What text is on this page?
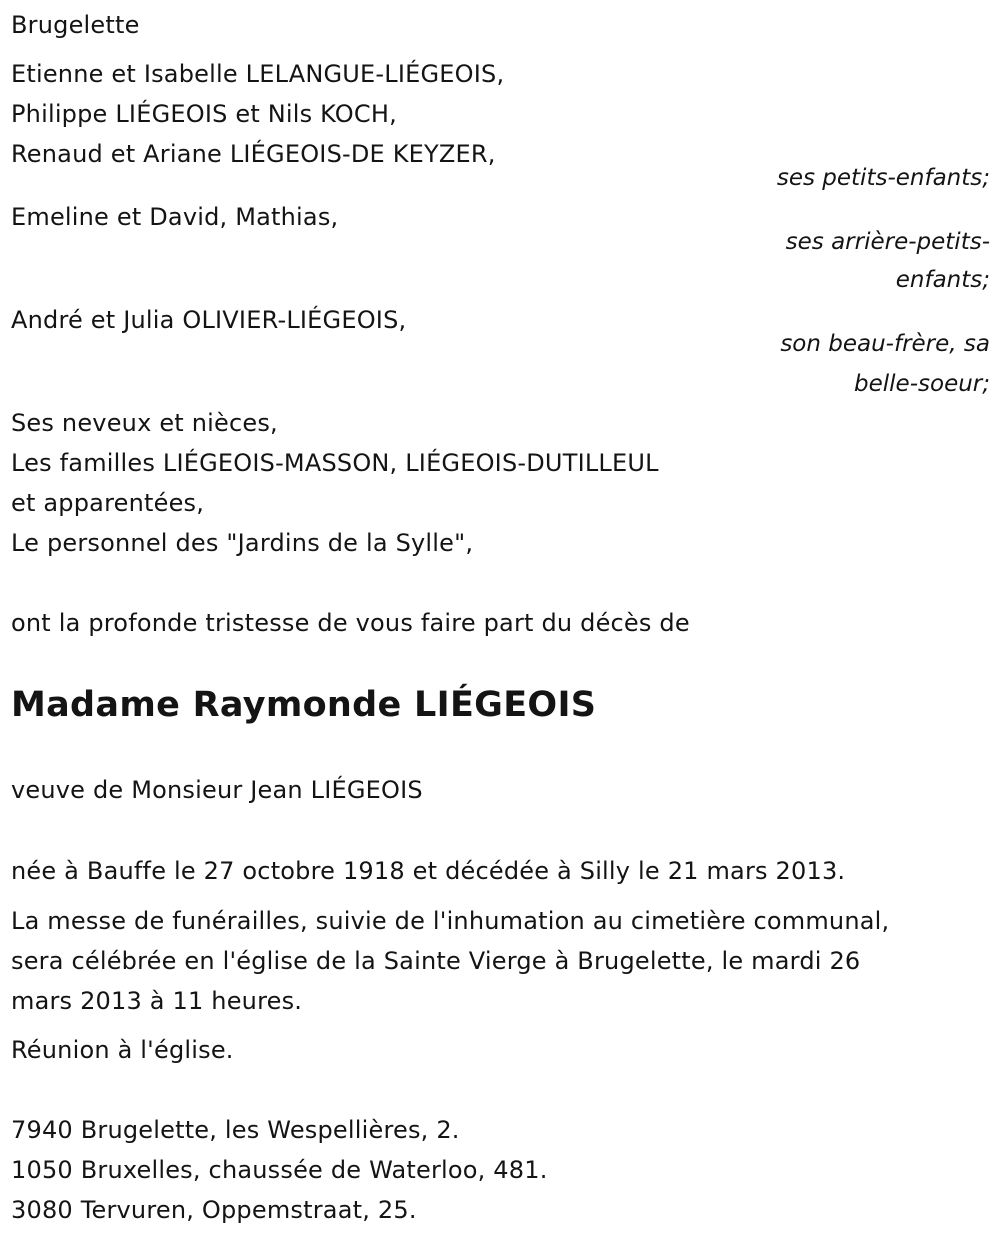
Brugelette
Etienne et Isabelle LELANGUE-LIÉGEOIS,
Philippe LIÉGEOIS et Nils KOCH,
Renaud et Ariane LIÉGEOIS-DE KEYZER,
ses petits-enfants;
Emeline et David, Mathias,
ses arrière-petits-
enfants;
André et Julia OLIVIER-LIÉGEOIS,
son beau-frère, sa
belle-soeur;
Ses neveux et nièces,
Les familles LIÉGEOIS-MASSON, LIÉGEOIS-DUTILLEUL
et apparentées,
Le personnel des "Jardins de la Sylle",
ont la profonde tristesse de vous faire part du décès de
Madame Raymonde LIÉGEOIS
veuve de Monsieur Jean LIÉGEOIS
née à Bauffe le 27 octobre 1918 et décédée à Silly le 21 mars 2013.
La messe de funérailles, suivie de l'inhumation au cimetière communal,
sera célébrée en l'église de la Sainte Vierge à Brugelette, le mardi 26
mars 2013 à 11 heures.
Réunion à l'église.
7940 Brugelette, les Wespellières, 2.
1050 Bruxelles, chaussée de Waterloo, 481.
3080 Tervuren, Oppemstraat, 25.
